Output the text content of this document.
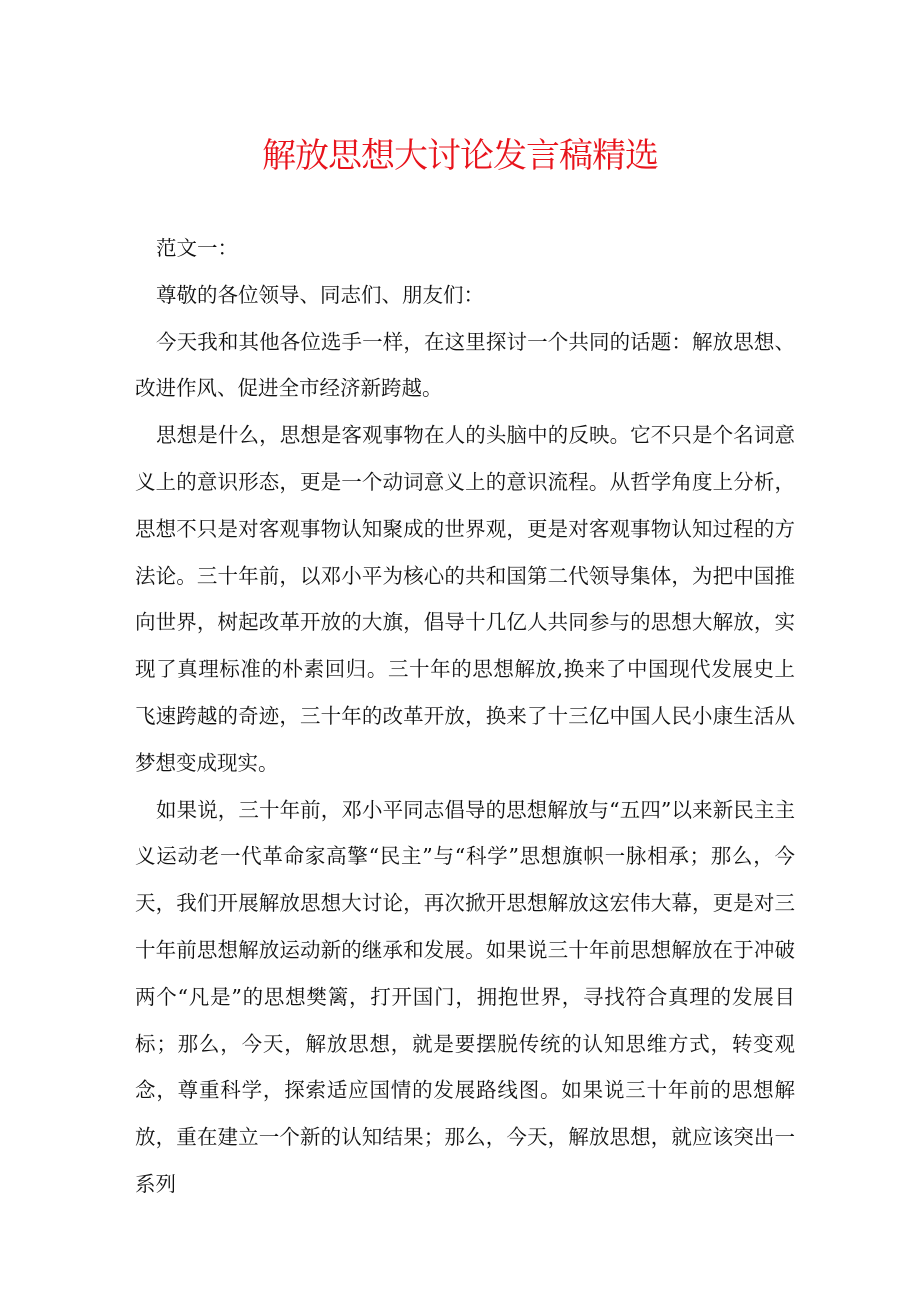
解放思想大讨论发言稿精选

范文一：

尊敬的各位领导、同志们、朋友们：

今天我和其他各位选手一样，在这里探讨一个共同的话题：解放思想、改进作风、促进全市经济新跨越。

思想是什么，思想是客观事物在人的头脑中的反映。它不只是个名词意义上的意识形态，更是一个动词意义上的意识流程。从哲学角度上分析，思想不只是对客观事物认知聚成的世界观，更是对客观事物认知过程的方法论。三十年前，以邓小平为核心的共和国第二代领导集体，为把中国推向世界，树起改革开放的大旗，倡导十几亿人共同参与的思想大解放，实现了真理标准的朴素回归。三十年的思想解放,换来了中国现代发展史上飞速跨越的奇迹，三十年的改革开放，换来了十三亿中国人民小康生活从梦想变成现实。

如果说，三十年前，邓小平同志倡导的思想解放与“五四”以来新民主主义运动老一代革命家高擎“民主”与“科学”思想旗帜一脉相承；那么，今天，我们开展解放思想大讨论，再次掀开思想解放这宏伟大幕，更是对三十年前思想解放运动新的继承和发展。如果说三十年前思想解放在于冲破两个“凡是”的思想樊篱，打开国门，拥抱世界，寻找符合真理的发展目标；那么，今天，解放思想，就是要摆脱传统的认知思维方式，转变观念，尊重科学，探索适应国情的发展路线图。如果说三十年前的思想解放，重在建立一个新的认知结果；那么，今天，解放思想，就应该突出一系列
